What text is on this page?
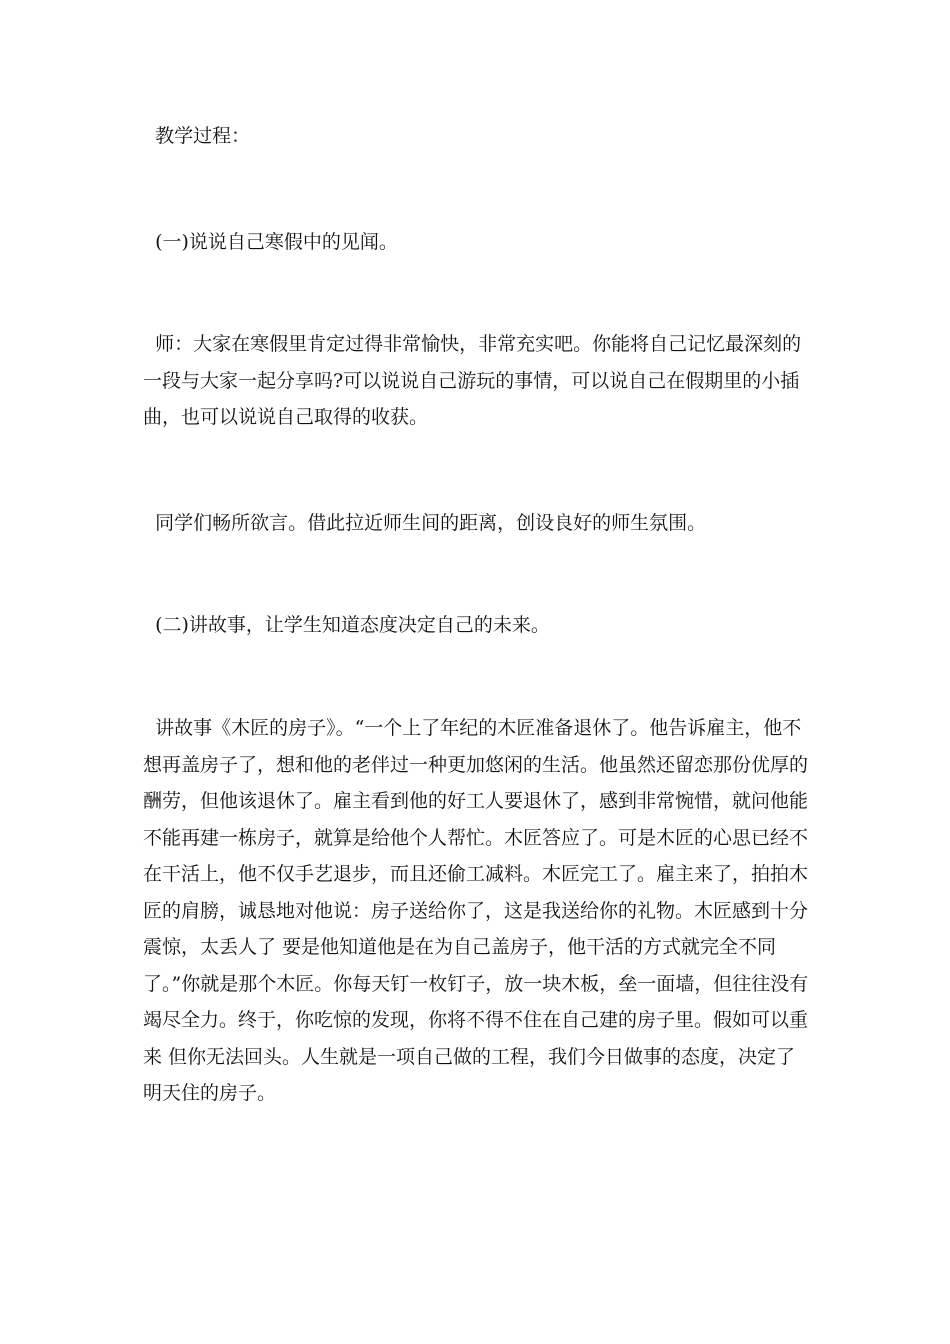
教学过程：

(一)说说自己寒假中的见闻。

师：大家在寒假里肯定过得非常愉快，非常充实吧。你能将自己记忆最深刻的一段与大家一起分享吗?可以说说自己游玩的事情，可以说自己在假期里的小插曲，也可以说说自己取得的收获。

同学们畅所欲言。借此拉近师生间的距离，创设良好的师生氛围。

(二)讲故事，让学生知道态度决定自己的未来。

讲故事《木匠的房子》。“一个上了年纪的木匠准备退休了。他告诉雇主，他不想再盖房子了，想和他的老伴过一种更加悠闲的生活。他虽然还留恋那份优厚的酬劳，但他该退休了。雇主看到他的好工人要退休了，感到非常惋惜，就问他能不能再建一栋房子，就算是给他个人帮忙。木匠答应了。可是木匠的心思已经不在干活上，他不仅手艺退步，而且还偷工减料。木匠完工了。雇主来了，拍拍木匠的肩膀，诚恳地对他说：房子送给你了，这是我送给你的礼物。木匠感到十分震惊，太丢人了 要是他知道他是在为自己盖房子，他干活的方式就完全不同了。”你就是那个木匠。你每天钉一枚钉子，放一块木板，垒一面墙，但往往没有竭尽全力。终于，你吃惊的发现，你将不得不住在自己建的房子里。假如可以重来 但你无法回头。人生就是一项自己做的工程，我们今日做事的态度，决定了明天住的房子。
